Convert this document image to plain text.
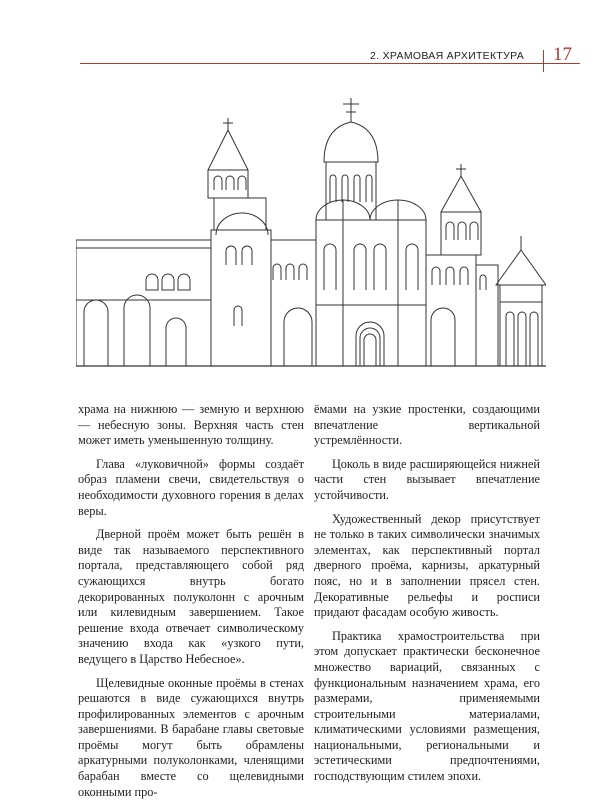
2. ХРАМОВАЯ АРХИТЕКТУРА 17

храма на нижнюю — земную и верхнюю — небесную зоны. Верхняя часть стен может иметь уменьшенную толщину.

Глава «луковичной» формы создаёт образ пламени свечи, свидетельствуя о необходимости духовного горения в делах веры.

Дверной проём может быть решён в виде так называемого перспективного портала, представляющего собой ряд сужающихся внутрь богато декорированных полуколонн с арочным или килевидным завершением. Такое решение входа отвечает символическому значению входа как «узкого пути, ведущего в Царство Небесное».

Щелевидные оконные проёмы в стенах решаются в виде сужающихся внутрь профилированных элементов с арочным завершениями. В барабане главы световые проёмы могут быть обрамлены аркатурными полуколонками, членящими барабан вместе со щелевидными оконными про-

ёмами на узкие простенки, создающими впечатление вертикальной устремлённости.

Цоколь в виде расширяющейся нижней части стен вызывает впечатление устойчивости.

Художественный декор присутствует не только в таких символически значимых элементах, как перспективный портал дверного проёма, карнизы, аркатурный пояс, но и в заполнении прясел стен. Декоративные рельефы и росписи придают фасадам особую живость.

Практика храмостроительства при этом допускает практически бесконечное множество вариаций, связанных с функциональным назначением храма, его размерами, применяемыми строительными материалами, климатическими условиями размещения, национальными, региональными и эстетическими предпочтениями, господствующим стилем эпохи.
